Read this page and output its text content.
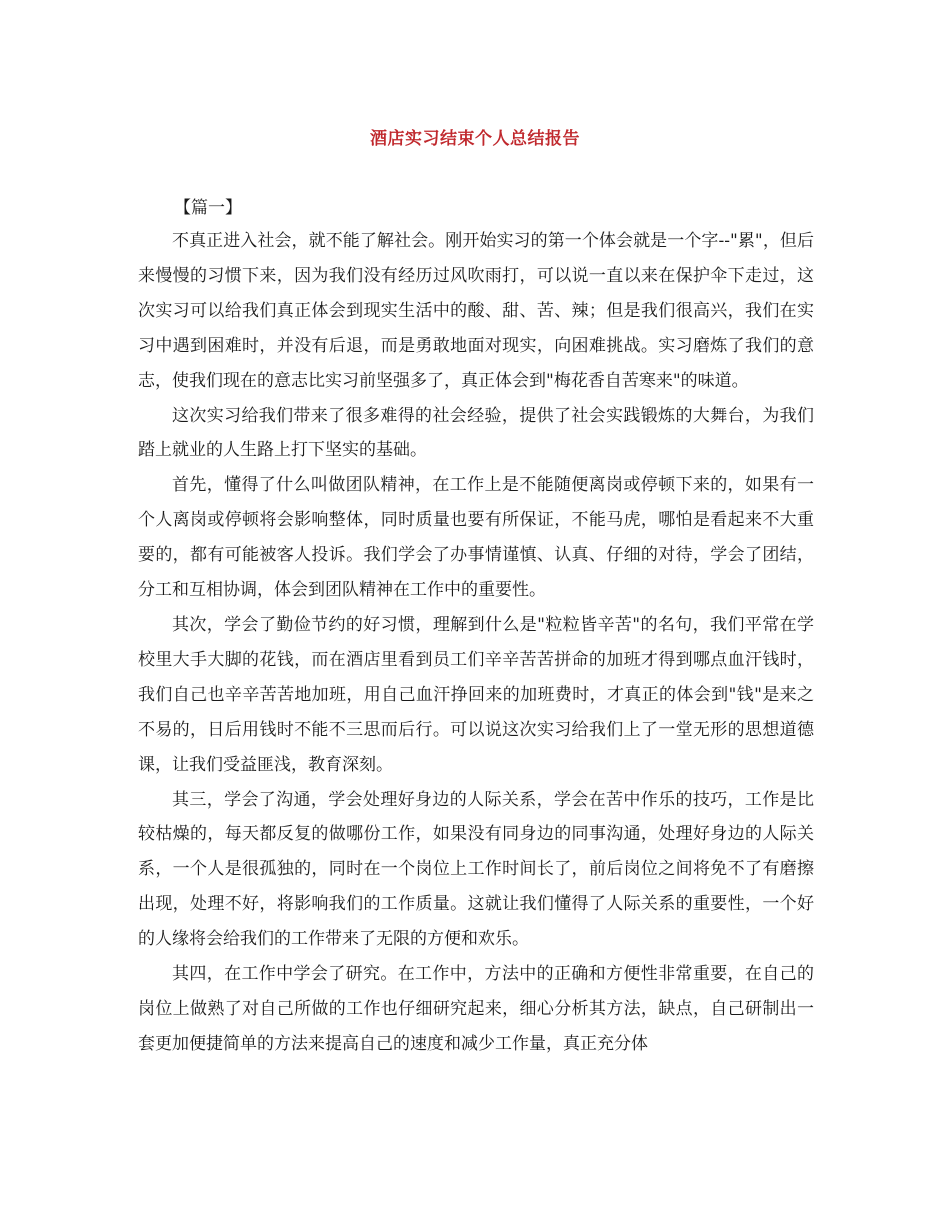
酒店实习结束个人总结报告
【篇一】

不真正进入社会，就不能了解社会。刚开始实习的第一个体会就是一个字--"累"，但后来慢慢的习惯下来，因为我们没有经历过风吹雨打，可以说一直以来在保护伞下走过，这次实习可以给我们真正体会到现实生活中的酸、甜、苦、辣；但是我们很高兴，我们在实习中遇到困难时，并没有后退，而是勇敢地面对现实，向困难挑战。实习磨炼了我们的意志，使我们现在的意志比实习前坚强多了，真正体会到"梅花香自苦寒来"的味道。

这次实习给我们带来了很多难得的社会经验，提供了社会实践锻炼的大舞台，为我们踏上就业的人生路上打下坚实的基础。

首先，懂得了什么叫做团队精神，在工作上是不能随便离岗或停顿下来的，如果有一个人离岗或停顿将会影响整体，同时质量也要有所保证，不能马虎，哪怕是看起来不大重要的，都有可能被客人投诉。我们学会了办事情谨慎、认真、仔细的对待，学会了团结，分工和互相协调，体会到团队精神在工作中的重要性。

其次，学会了勤俭节约的好习惯，理解到什么是"粒粒皆辛苦"的名句，我们平常在学校里大手大脚的花钱，而在酒店里看到员工们辛辛苦苦拼命的加班才得到哪点血汗钱时，我们自己也辛辛苦苦地加班，用自己血汗挣回来的加班费时，才真正的体会到"钱"是来之不易的，日后用钱时不能不三思而后行。可以说这次实习给我们上了一堂无形的思想道德课，让我们受益匪浅，教育深刻。

其三，学会了沟通，学会处理好身边的人际关系，学会在苦中作乐的技巧，工作是比较枯燥的，每天都反复的做哪份工作，如果没有同身边的同事沟通，处理好身边的人际关系，一个人是很孤独的，同时在一个岗位上工作时间长了，前后岗位之间将免不了有磨擦出现，处理不好，将影响我们的工作质量。这就让我们懂得了人际关系的重要性，一个好的人缘将会给我们的工作带来了无限的方便和欢乐。

其四，在工作中学会了研究。在工作中，方法中的正确和方便性非常重要，在自己的岗位上做熟了对自己所做的工作也仔细研究起来，细心分析其方法，缺点，自己研制出一套更加便捷简单的方法来提高自己的速度和减少工作量，真正充分体
